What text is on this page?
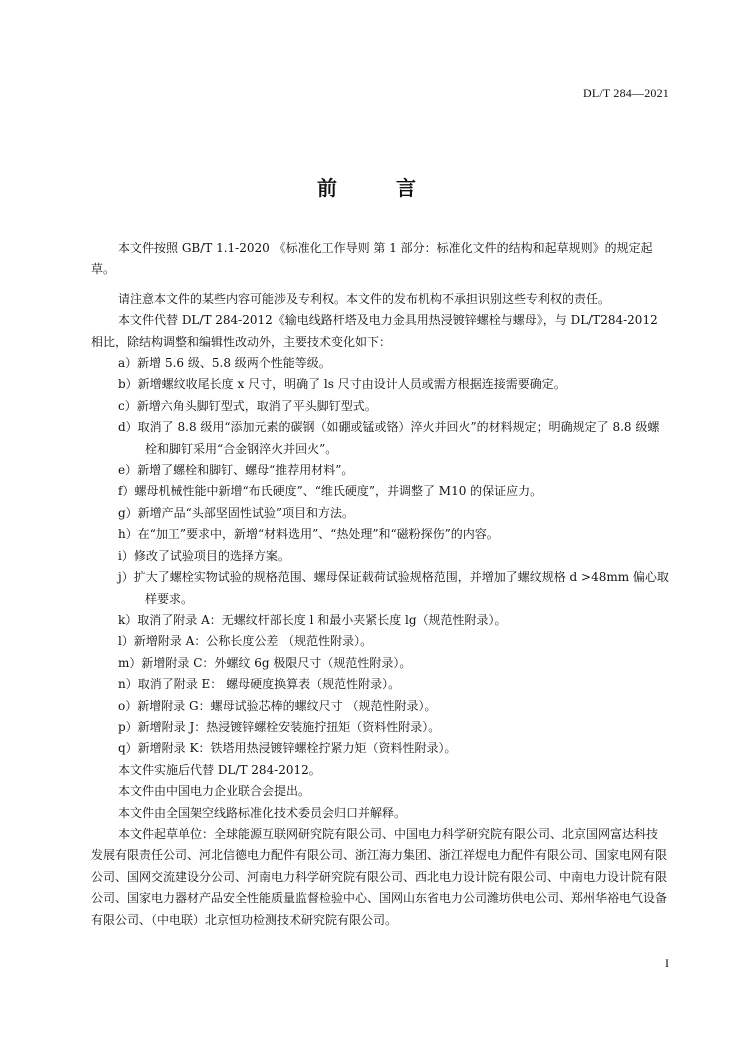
DL/T 284—2021
前 言

本文件按照 GB/T 1.1-2020 《标准化工作导则 第 1 部分：标准化文件的结构和起草规则》的规定起草。

请注意本文件的某些内容可能涉及专利权。本文件的发布机构不承担识别这些专利权的责任。

本文件代替 DL/T 284-2012《输电线路杆塔及电力金具用热浸镀锌螺栓与螺母》，与 DL/T284-2012 相比，除结构调整和编辑性改动外，主要技术变化如下：

a）新增 5.6 级、5.8 级两个性能等级。

b）新增螺纹收尾长度 x 尺寸，明确了 ls 尺寸由设计人员或需方根据连接需要确定。

c）新增六角头脚钉型式，取消了平头脚钉型式。

d）取消了 8.8 级用“添加元素的碳钢（如硼或锰或铬）淬火并回火”的材料规定；明确规定了 8.8 级螺栓和脚钉采用“合金钢淬火并回火”。

e）新增了螺栓和脚钉、螺母“推荐用材料”。

f）螺母机械性能中新增“布氏硬度”、“维氏硬度”，并调整了 M10 的保证应力。

g）新增产品“头部坚固性试验”项目和方法。

h）在“加工”要求中，新增“材料选用”、“热处理”和“磁粉探伤”的内容。

i）修改了试验项目的选择方案。

j）扩大了螺栓实物试验的规格范围、螺母保证载荷试验规格范围，并增加了螺纹规格 d >48mm 偏心取样要求。

k）取消了附录 A：无螺纹杆部长度 l 和最小夹紧长度 lg（规范性附录）。

l）新增附录 A：公称长度公差 （规范性附录）。

m）新增附录 C：外螺纹 6g 极限尺寸（规范性附录）。

n）取消了附录 E： 螺母硬度换算表（规范性附录）。

o）新增附录 G：螺母试验芯棒的螺纹尺寸 （规范性附录）。

p）新增附录 J：热浸镀锌螺栓安装施拧扭矩（资料性附录）。

q）新增附录 K：铁塔用热浸镀锌螺栓拧紧力矩（资料性附录）。

本文件实施后代替 DL/T 284-2012。

本文件由中国电力企业联合会提出。

本文件由全国架空线路标准化技术委员会归口并解释。

本文件起草单位：全球能源互联网研究院有限公司、中国电力科学研究院有限公司、北京国网富达科技发展有限责任公司、河北信德电力配件有限公司、浙江海力集团、浙江祥煜电力配件有限公司、国家电网有限公司、国网交流建设分公司、河南电力科学研究院有限公司、西北电力设计院有限公司、中南电力设计院有限公司、国家电力器材产品安全性能质量监督检验中心、国网山东省电力公司潍坊供电公司、郑州华裕电气设备有限公司、（中电联）北京恒功检测技术研究院有限公司。

I
